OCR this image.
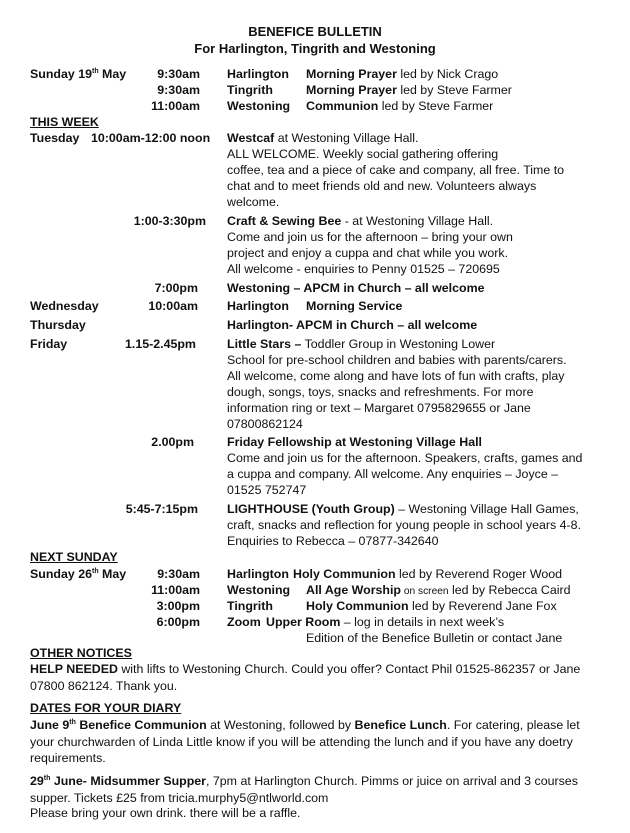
BENEFICE BULLETIN
For Harlington, Tingrith and Westoning
Sunday 19th May	9:30am Harlington Morning Prayer led by Nick Crago
9:30am Tingrith	Morning Prayer led by Steve Farmer
11:00am Westoning Communion led by Steve Farmer
THIS WEEK
Tuesday 10:00am-12:00 noon Westcaf at Westoning Village Hall.
ALL WELCOME. Weekly social gathering offering
coffee, tea and a piece of cake and company, all free. Time to
chat and to meet friends old and new. Volunteers always
welcome.
1:00-3:30pm Craft & Sewing Bee - at Westoning Village Hall.
Come and join us for the afternoon – bring your own
project and enjoy a cuppa and chat while you work.
All welcome - enquiries to Penny 01525 – 720695
7:00pm Westoning – APCM in Church – all welcome
Wednesday	10:00am Harlington Morning Service
Thursday	Harlington- APCM in Church – all welcome
Friday	1.15-2.45pm	Little Stars – Toddler Group in Westoning Lower
School for pre-school children and babies with parents/carers.
All welcome, come along and have lots of fun with crafts, play
dough, songs, toys, snacks and refreshments. For more
information ring or text – Margaret 0795829655 or Jane
07800862124
2.00pm	Friday Fellowship at Westoning Village Hall
Come and join us for the afternoon. Speakers, crafts, games and
a cuppa and company. All welcome. Any enquiries – Joyce –
01525 752747
5:45-7:15pm LIGHTHOUSE (Youth Group) – Westoning Village Hall Games,
craft, snacks and reflection for young people in school years 4-8.
Enquiries to Rebecca – 07877-342640
NEXT SUNDAY
Sunday 26th May	9:30am Harlington Holy Communion led by Reverend Roger Wood
11:00am Westoning All Age Worship on screen led by Rebecca Caird
3:00pm Tingrith	Holy Communion led by Reverend Jane Fox
6:00pm Zoom Upper Room – log in details in next week’s
Edition of the Benefice Bulletin or contact Jane
OTHER NOTICES
HELP NEEDED with lifts to Westoning Church. Could you offer? Contact Phil 01525-862357 or Jane 07800 862124. Thank you.
DATES FOR YOUR DIARY
June 9th Benefice Communion at Westoning, followed by Benefice Lunch. For catering, please let your churchwarden of Linda Little know if you will be attending the lunch and if you have any doetry requirements.
29th June- Midsummer Supper, 7pm at Harlington Church. Pimms or juice on arrival and 3 courses supper. Tickets £25 from tricia.murphy5@ntlworld.com
Please bring your own drink. there will be a raffle.
